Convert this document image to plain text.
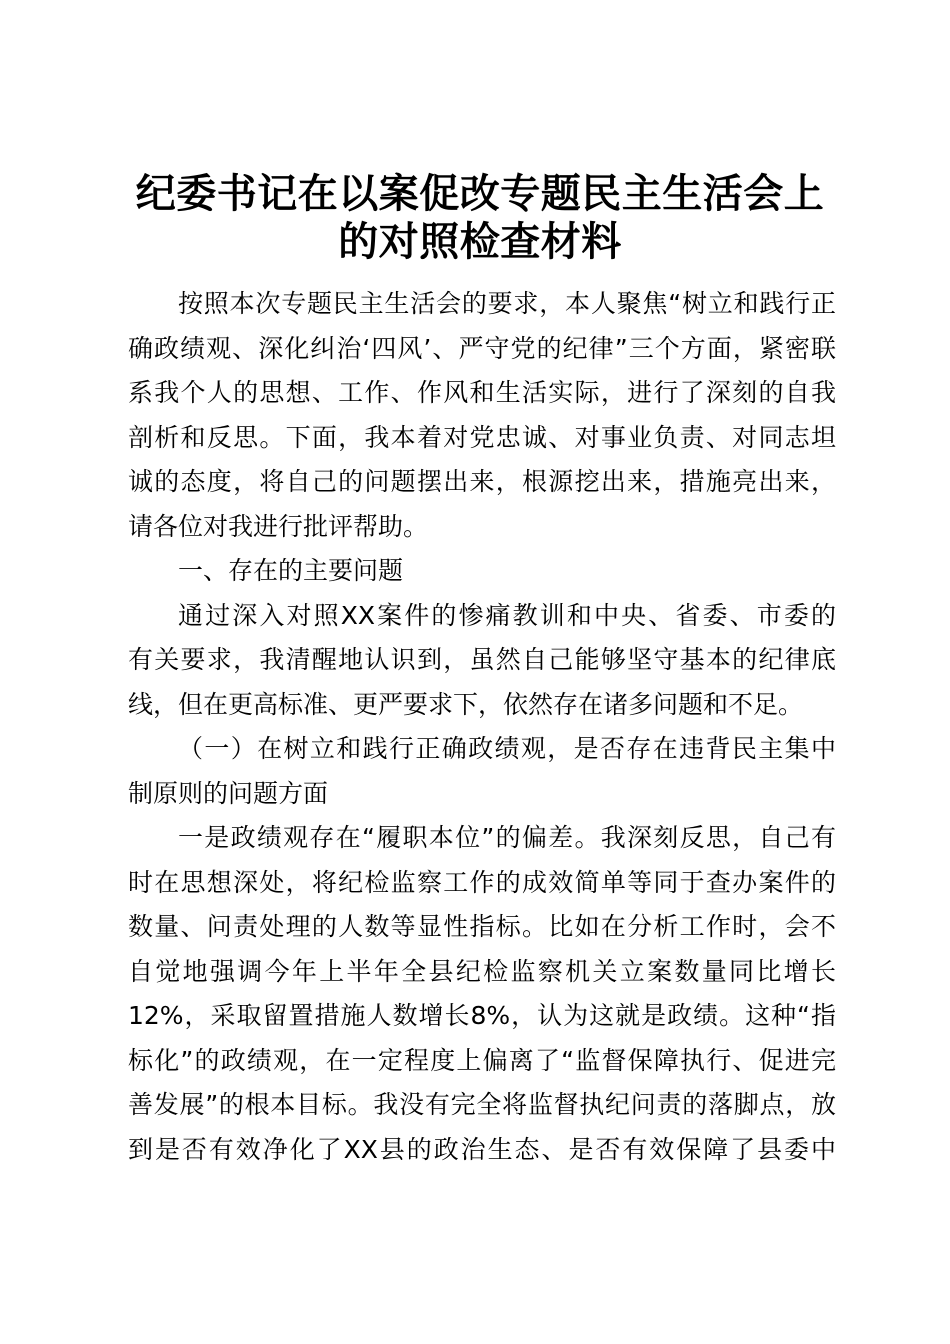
纪委书记在以案促改专题民主生活会上
的对照检查材料
按照本次专题民主生活会的要求，本人聚焦“树立和践行正
确政绩观、深化纠治‘四风’、严守党的纪律”三个方面，紧密联
系我个人的思想、工作、作风和生活实际，进行了深刻的自我
剖析和反思。下面，我本着对党忠诚、对事业负责、对同志坦
诚的态度，将自己的问题摆出来，根源挖出来，措施亮出来，
请各位对我进行批评帮助。
一、存在的主要问题
通过深入对照XX案件的惨痛教训和中央、省委、市委的
有关要求，我清醒地认识到，虽然自己能够坚守基本的纪律底
线，但在更高标准、更严要求下，依然存在诸多问题和不足。
（一）在树立和践行正确政绩观，是否存在违背民主集中
制原则的问题方面
一是政绩观存在“履职本位”的偏差。我深刻反思，自己有
时在思想深处，将纪检监察工作的成效简单等同于查办案件的
数量、问责处理的人数等显性指标。比如在分析工作时，会不
自觉地强调今年上半年全县纪检监察机关立案数量同比增长
12%，采取留置措施人数增长8%，认为这就是政绩。这种“指
标化”的政绩观，在一定程度上偏离了“监督保障执行、促进完
善发展”的根本目标。我没有完全将监督执纪问责的落脚点，放
到是否有效净化了XX县的政治生态、是否有效保障了县委中
